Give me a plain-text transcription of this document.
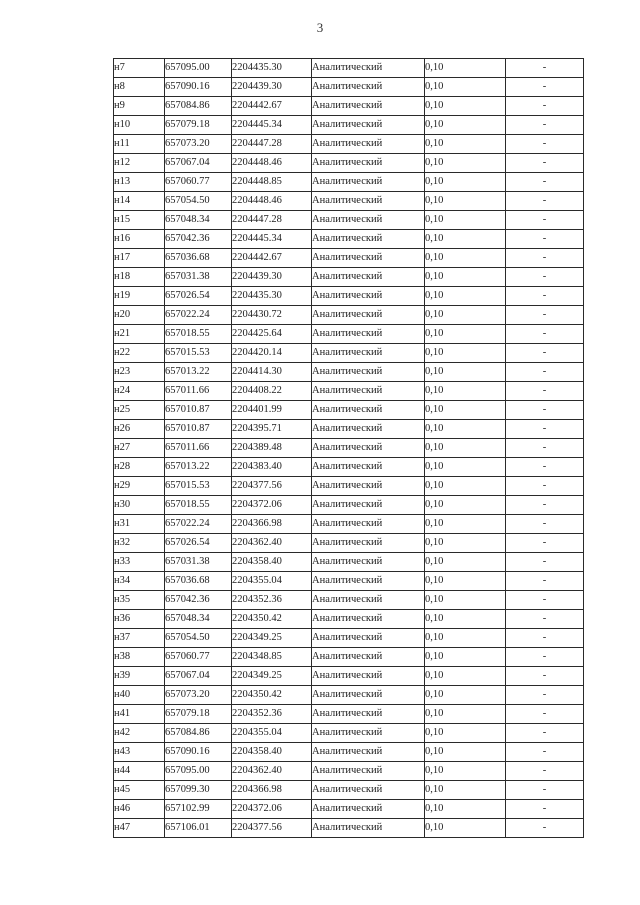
3
н7	657095.00	2204435.30	Аналитический	0,10	-
н8	657090.16	2204439.30	Аналитический	0,10	-
н9	657084.86	2204442.67	Аналитический	0,10	-
н10	657079.18	2204445.34	Аналитический	0,10	-
н11	657073.20	2204447.28	Аналитический	0,10	-
н12	657067.04	2204448.46	Аналитический	0,10	-
н13	657060.77	2204448.85	Аналитический	0,10	-
н14	657054.50	2204448.46	Аналитический	0,10	-
н15	657048.34	2204447.28	Аналитический	0,10	-
н16	657042.36	2204445.34	Аналитический	0,10	-
н17	657036.68	2204442.67	Аналитический	0,10	-
н18	657031.38	2204439.30	Аналитический	0,10	-
н19	657026.54	2204435.30	Аналитический	0,10	-
н20	657022.24	2204430.72	Аналитический	0,10	-
н21	657018.55	2204425.64	Аналитический	0,10	-
н22	657015.53	2204420.14	Аналитический	0,10	-
н23	657013.22	2204414.30	Аналитический	0,10	-
н24	657011.66	2204408.22	Аналитический	0,10	-
н25	657010.87	2204401.99	Аналитический	0,10	-
н26	657010.87	2204395.71	Аналитический	0,10	-
н27	657011.66	2204389.48	Аналитический	0,10	-
н28	657013.22	2204383.40	Аналитический	0,10	-
н29	657015.53	2204377.56	Аналитический	0,10	-
н30	657018.55	2204372.06	Аналитический	0,10	-
н31	657022.24	2204366.98	Аналитический	0,10	-
н32	657026.54	2204362.40	Аналитический	0,10	-
н33	657031.38	2204358.40	Аналитический	0,10	-
н34	657036.68	2204355.04	Аналитический	0,10	-
н35	657042.36	2204352.36	Аналитический	0,10	-
н36	657048.34	2204350.42	Аналитический	0,10	-
н37	657054.50	2204349.25	Аналитический	0,10	-
н38	657060.77	2204348.85	Аналитический	0,10	-
н39	657067.04	2204349.25	Аналитический	0,10	-
н40	657073.20	2204350.42	Аналитический	0,10	-
н41	657079.18	2204352.36	Аналитический	0,10	-
н42	657084.86	2204355.04	Аналитический	0,10	-
н43	657090.16	2204358.40	Аналитический	0,10	-
н44	657095.00	2204362.40	Аналитический	0,10	-
н45	657099.30	2204366.98	Аналитический	0,10	-
н46	657102.99	2204372.06	Аналитический	0,10	-
н47	657106.01	2204377.56	Аналитический	0,10	-
